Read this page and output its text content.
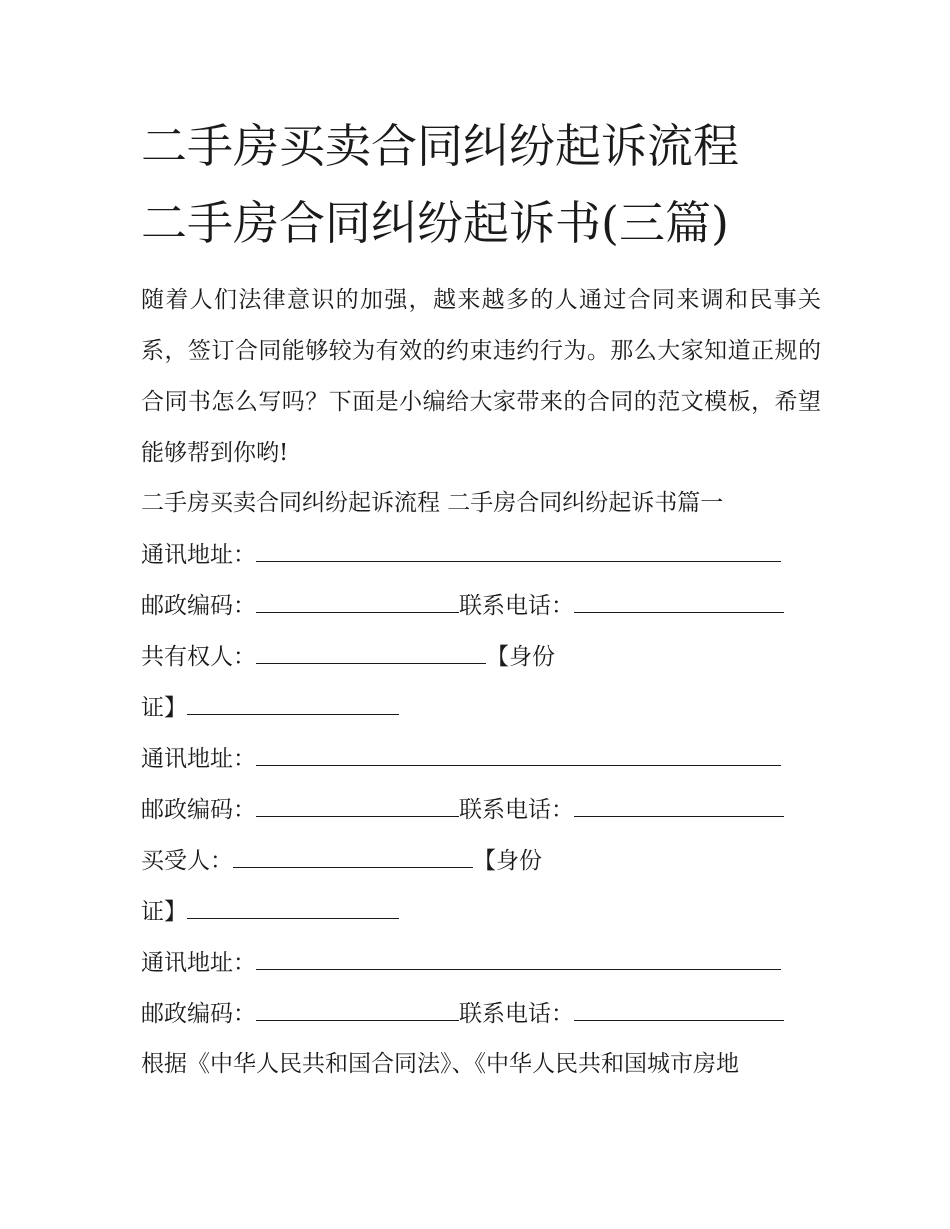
二手房买卖合同纠纷起诉流程
二手房合同纠纷起诉书(三篇)

随着人们法律意识的加强，越来越多的人通过合同来调和民事关系，签订合同能够较为有效的约束违约行为。那么大家知道正规的合同书怎么写吗？下面是小编给大家带来的合同的范文模板，希望能够帮到你哟!

二手房买卖合同纠纷起诉流程 二手房合同纠纷起诉书篇一
通讯地址：
邮政编码：	联系电话：
共有权人：	【身份
证】
通讯地址：
邮政编码：	联系电话：
买受人：	【身份
证】
通讯地址：
邮政编码：	联系电话：
根据《中华人民共和国合同法》、《中华人民共和国城市房地
